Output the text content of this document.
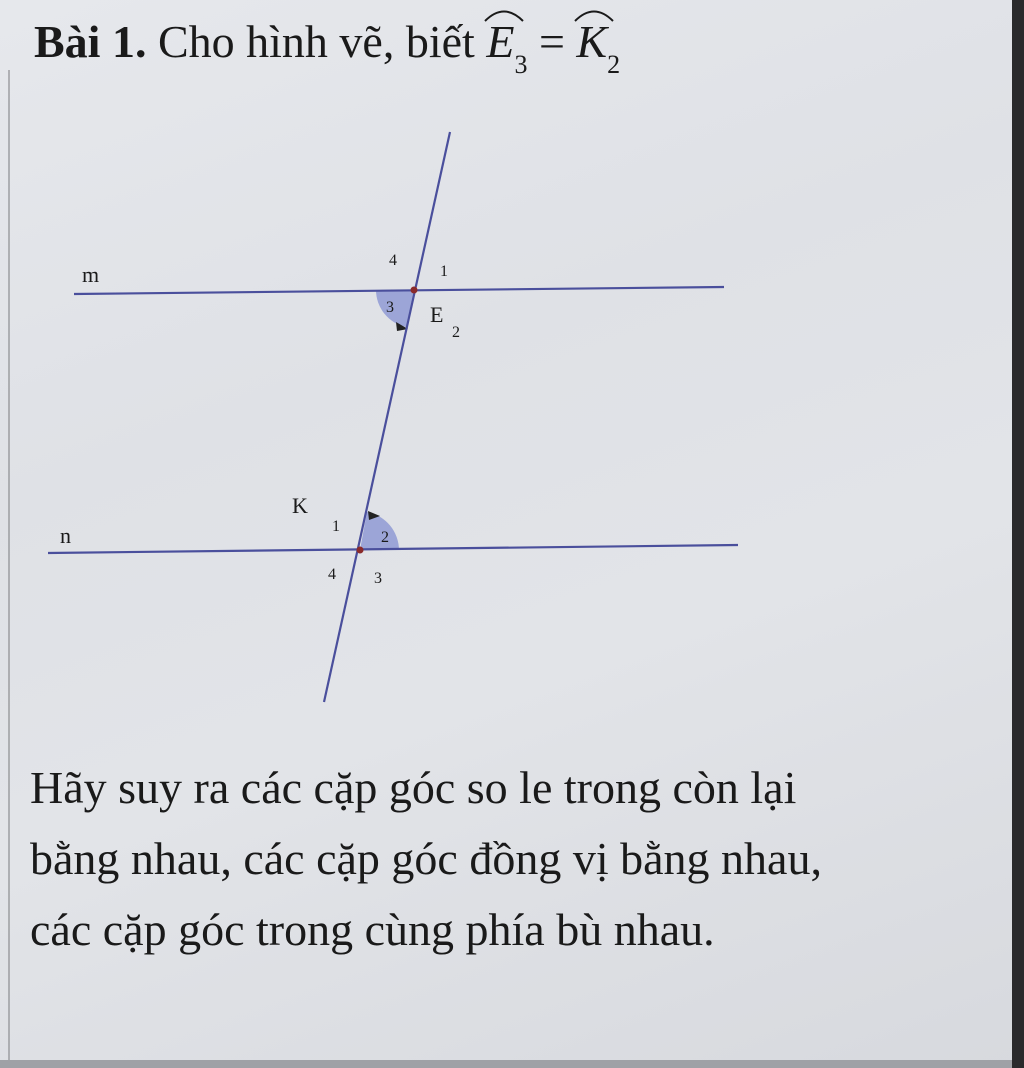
Bài 1. Cho hình vẽ, biết $E_3 = K_2$
m
n
4
1
3 E
2
K
1
2
4 3
Hãy suy ra các cặp góc so le trong còn lại
bằng nhau, các cặp góc đồng vị bằng nhau,
các cặp góc trong cùng phía bù nhau.
